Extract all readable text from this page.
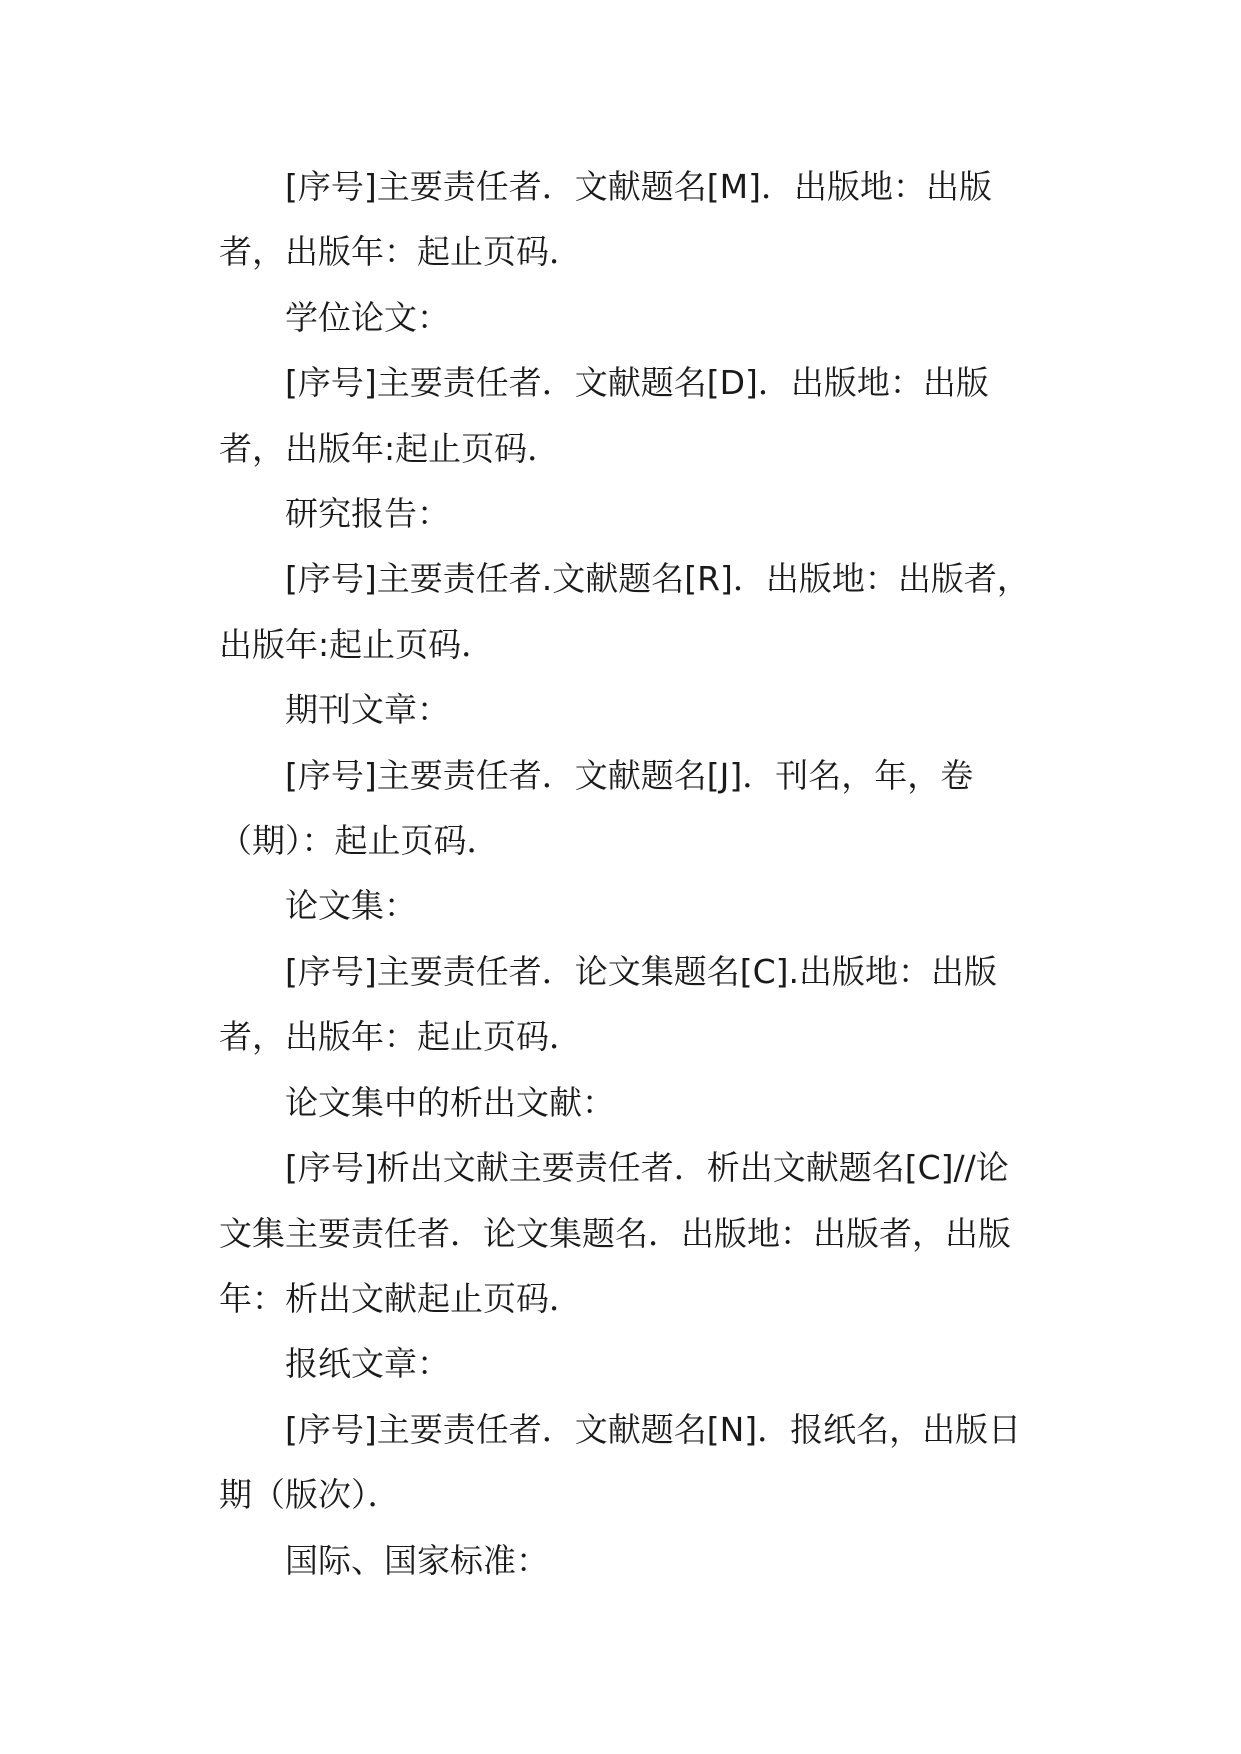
[序号]主要责任者．文献题名[M]．出版地：出版者，出版年：起止页码．

学位论文：

[序号]主要责任者．文献题名[D]．出版地：出版者，出版年:起止页码．

研究报告：

[序号]主要责任者.文献题名[R]．出版地：出版者，出版年:起止页码．

期刊文章：

[序号]主要责任者．文献题名[J]．刊名，年，卷（期）：起止页码．

论文集：

[序号]主要责任者．论文集题名[C].出版地：出版者，出版年：起止页码．

论文集中的析出文献：

[序号]析出文献主要责任者．析出文献题名[C]//论文集主要责任者．论文集题名．出版地：出版者，出版年：析出文献起止页码．

报纸文章：

[序号]主要责任者．文献题名[N]．报纸名，出版日期（版次）．

国际、国家标准：
